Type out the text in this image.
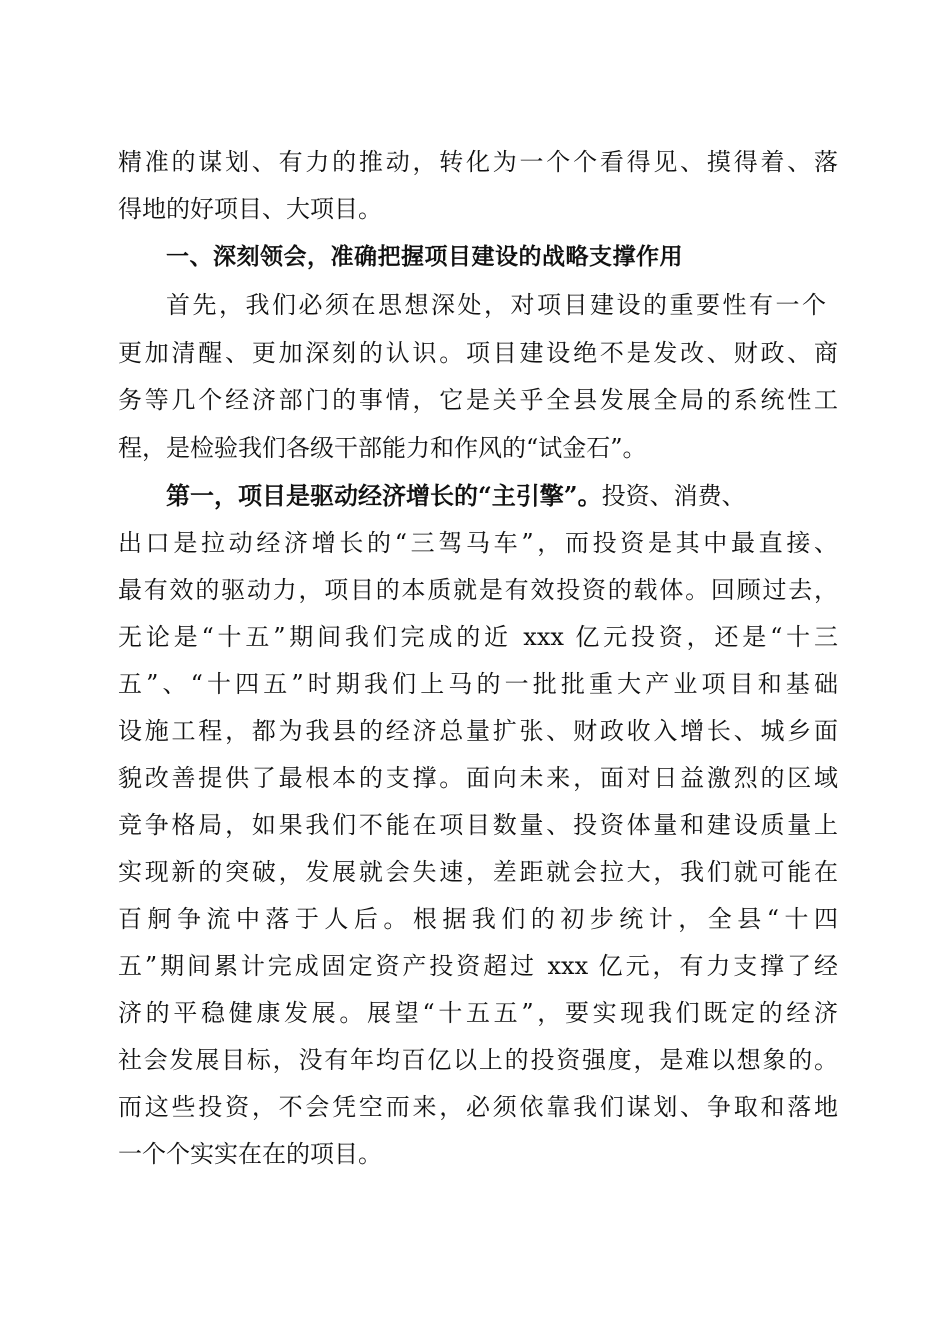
精准的谋划、有力的推动，转化为一个个看得见、摸得着、落
得地的好项目、大项目。
一、深刻领会，准确把握项目建设的战略支撑作用
首先，我们必须在思想深处，对项目建设的重要性有一个
更加清醒、更加深刻的认识。项目建设绝不是发改、财政、商
务等几个经济部门的事情，它是关乎全县发展全局的系统性工
程，是检验我们各级干部能力和作风的“试金石”。
第一，项目是驱动经济增长的“主引擎”。投资、消费、
出口是拉动经济增长的“三驾马车”，而投资是其中最直接、
最有效的驱动力，项目的本质就是有效投资的载体。回顾过去，
无论是“十五”期间我们完成的近 xxx 亿元投资，还是“十三
五”、“十四五”时期我们上马的一批批重大产业项目和基础
设施工程，都为我县的经济总量扩张、财政收入增长、城乡面
貌改善提供了最根本的支撑。面向未来，面对日益激烈的区域
竞争格局，如果我们不能在项目数量、投资体量和建设质量上
实现新的突破，发展就会失速，差距就会拉大，我们就可能在
百舸争流中落于人后。根据我们的初步统计，全县“十四
五”期间累计完成固定资产投资超过 xxx 亿元，有力支撑了经
济的平稳健康发展。展望“十五五”，要实现我们既定的经济
社会发展目标，没有年均百亿以上的投资强度，是难以想象的。
而这些投资，不会凭空而来，必须依靠我们谋划、争取和落地
一个个实实在在的项目。
